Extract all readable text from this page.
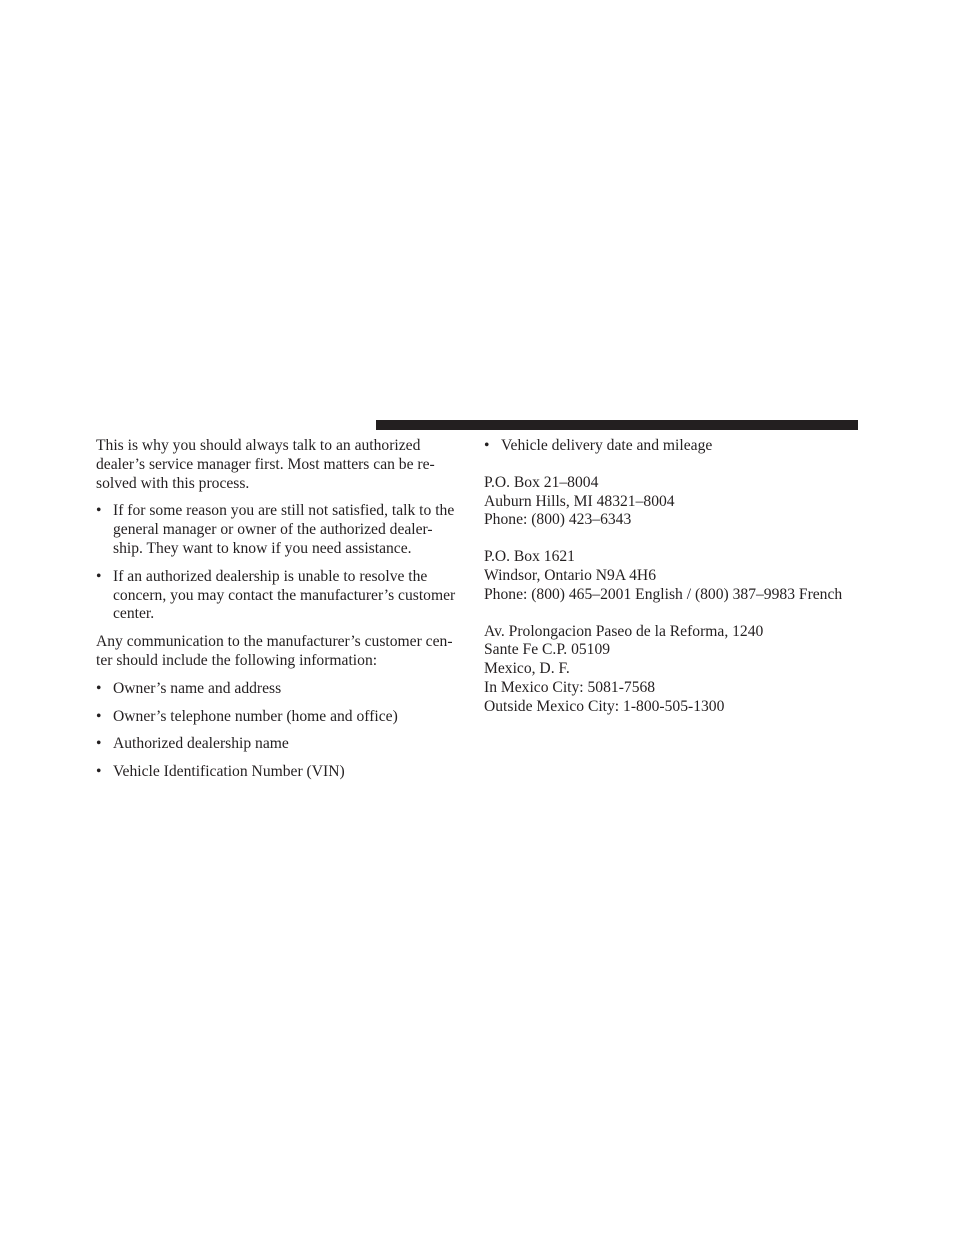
This is why you should always talk to an authorized
dealer’s service manager first. Most matters can be re-
solved with this process.

• If for some reason you are still not satisfied, talk to the
general manager or owner of the authorized dealer-
ship. They want to know if you need assistance.
• If an authorized dealership is unable to resolve the
concern, you may contact the manufacturer’s customer
center.

Any communication to the manufacturer’s customer cen-
ter should include the following information:

• Owner’s name and address
• Owner’s telephone number (home and office)
• Authorized dealership name
• Vehicle Identification Number (VIN)
• Vehicle delivery date and mileage
P.O. Box 21–8004
Auburn Hills, MI 48321–8004
Phone: (800) 423–6343
P.O. Box 1621
Windsor, Ontario N9A 4H6
Phone: (800) 465–2001 English / (800) 387–9983 French
Av. Prolongacion Paseo de la Reforma, 1240
Sante Fe C.P. 05109
Mexico, D. F.
In Mexico City: 5081-7568
Outside Mexico City: 1-800-505-1300
